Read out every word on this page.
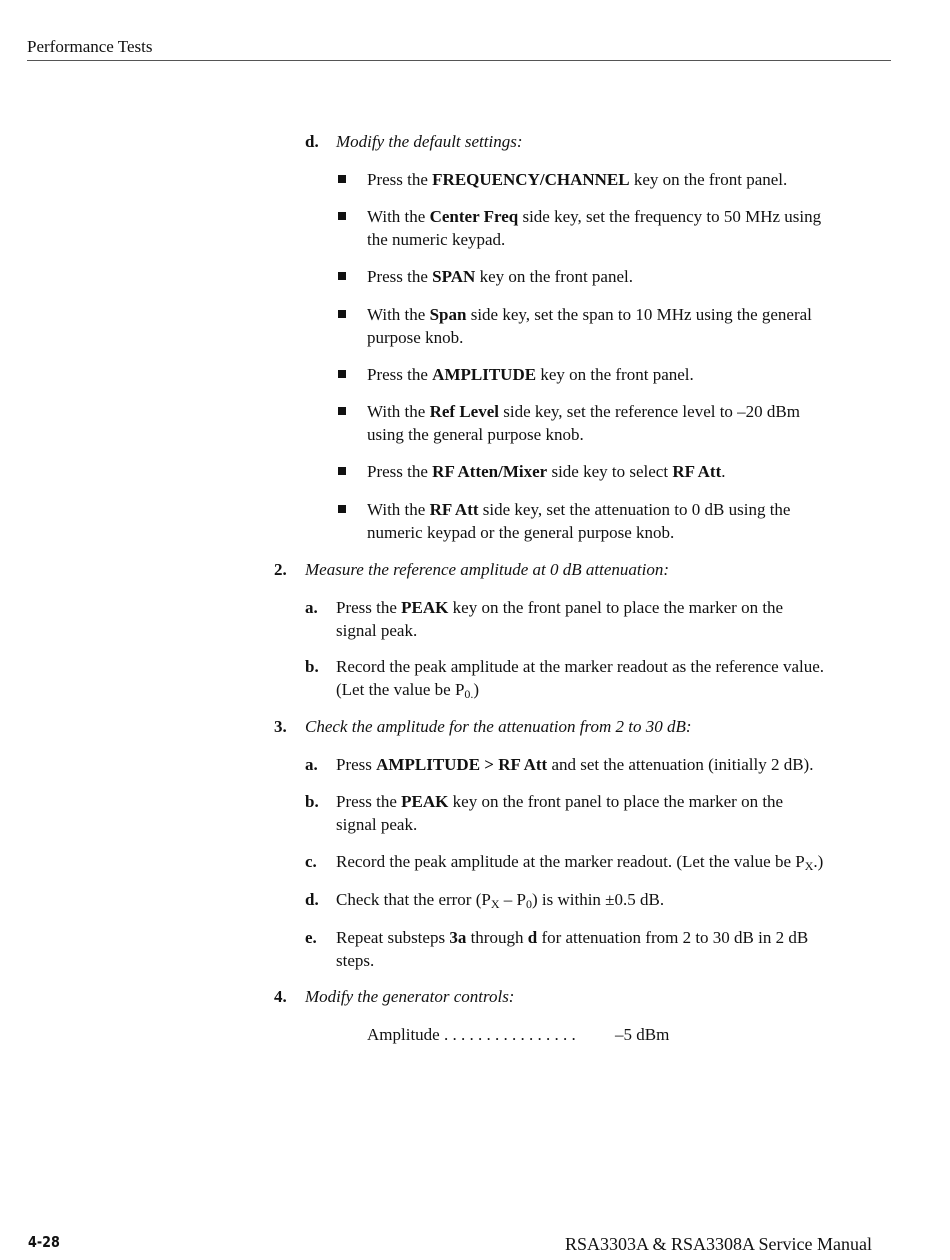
Performance Tests
d. Modify the default settings:
Press the FREQUENCY/CHANNEL key on the front panel.
With the Center Freq side key, set the frequency to 50 MHz using
the numeric keypad.
Press the SPAN key on the front panel.
With the Span side key, set the span to 10 MHz using the general
purpose knob.
Press the AMPLITUDE key on the front panel.
With the Ref Level side key, set the reference level to –20 dBm
using the general purpose knob.
Press the RF Atten/Mixer side key to select RF Att.
With the RF Att side key, set the attenuation to 0 dB using the
numeric keypad or the general purpose knob.
2. Measure the reference amplitude at 0 dB attenuation:
a. Press the PEAK key on the front panel to place the marker on the
signal peak.
b. Record the peak amplitude at the marker readout as the reference value.
(Let the value be $P_{0.}$)
3. Check the amplitude for the attenuation from 2 to 30 dB:
a. Press AMPLITUDE > RF Att and set the attenuation (initially 2 dB).
b. Press the PEAK key on the front panel to place the marker on the
signal peak.
c. Record the peak amplitude at the marker readout. (Let the value be $P_X$.)
d. Check that the error $(P_X - P_0)$ is within ±0.5 dB.
e. Repeat substeps 3a through d for attenuation from 2 to 30 dB in 2 dB
steps.
4. Modify the generator controls:
Amplitude . . . . . . . . . . . . . . . . –5 dBm
4-28	RSA3303A & RSA3308A Service Manual
